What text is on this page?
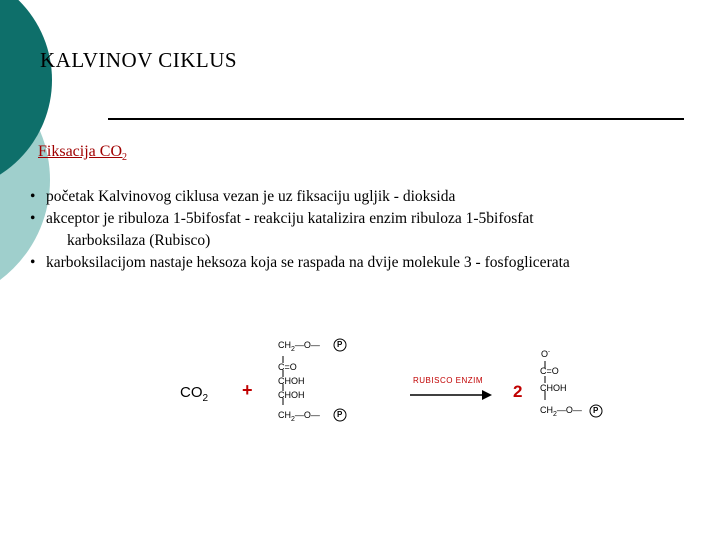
KALVINOV CIKLUS
Fiksacija $CO_2$
• početak Kalvinovog ciklusa vezan je uz fiksaciju ugljik - dioksida
• akceptor je ribuloza 1-5bifosfat - reakciju katalizira enzim ribuloza 1-5bifosfat
karboksilaza (Rubisco)
• karboksilacijom nastaje heksoza koja se raspada na dvije molekule 3 - fosfoglicerata
$CO_2$ +
$CH_2—O—$
C=O
CHOH
CHOH
$CH_2—O—$
P
P
RUBISCO ENZIM
2
O-
C=O
CHOH
$CH_2—O—$ P
